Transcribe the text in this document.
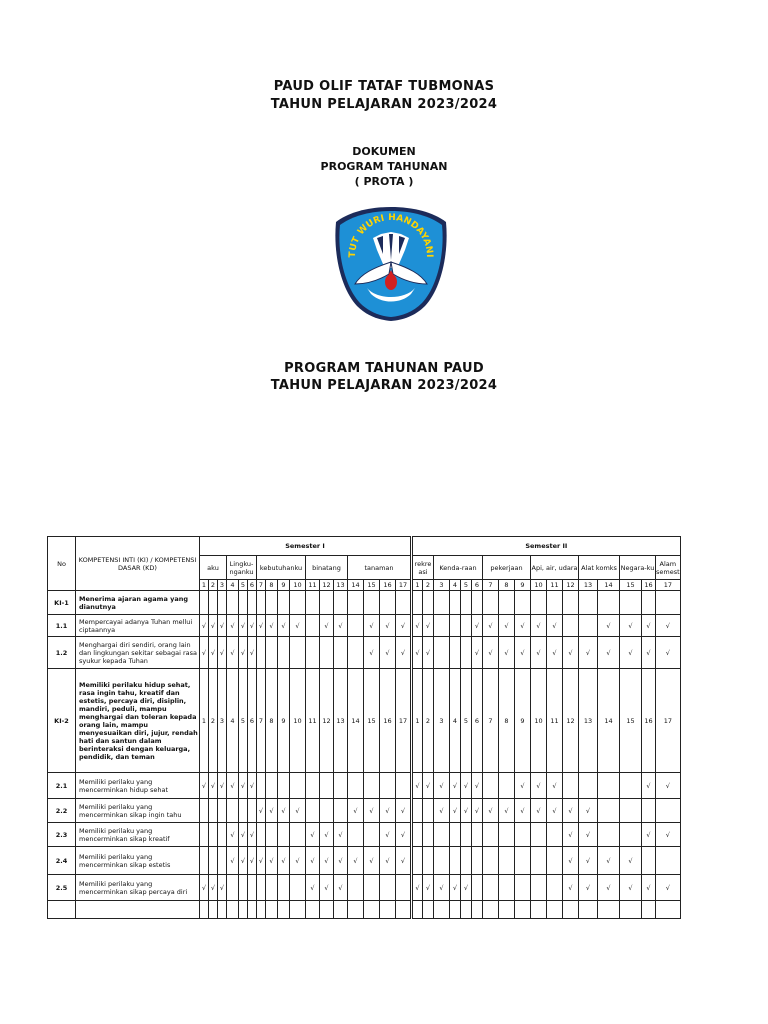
PAUD OLIF TATAF TUBMONAS
TAHUN PELAJARAN 2023/2024
DOKUMEN
PROGRAM TAHUNAN
( PROTA )
TUT WURI HANDAYANI
PROGRAM TAHUNAN PAUD
TAHUN PELAJARAN 2023/2024
No	KOMPETENSI INTI (KI) / KOMPETENSI DASAR (KD)	Semester I																	Semester II																
		aku			Lingku-nganku			kebutuhanku				binatang			tanaman				rekre asi		Kenda-raan				pekerjaan			Api, air, udara			Alat komks		Negara-ku		Alam semest
		1	2	3	4	5	6	7	8	9	10	11	12	13	14	15	16	17	1	2	3	4	5	6	7	8	9	10	11	12	13	14	15	16	17
KI-1	Menerima ajaran agama yang dianutnya																																		
1.1	Mempercayai adanya Tuhan mellui ciptaannya	√	√	√	√	√	√	√	√	√	√		√	√		√	√	√	√	√				√	√	√	√	√	√			√	√	√	√
1.2	Menghargai diri sendiri, orang lain dan lingkungan sekitar sebagai rasa syukur kepada Tuhan	√	√	√	√	√	√									√	√	√	√	√				√	√	√	√	√	√	√	√	√	√	√	√
KI-2	Memiliki perilaku hidup sehat, rasa ingin tahu, kreatif dan estetis, percaya diri, disiplin, mandiri, peduli, mampu menghargai dan toleran kepada orang lain, mampu menyesuaikan diri, jujur, rendah hati dan santun dalam berinteraksi dengan keluarga, pendidik, dan teman	1	2	3	4	5	6	7	8	9	10	11	12	13	14	15	16	17	1	2	3	4	5	6	7	8	9	10	11	12	13	14	15	16	17
2.1	Memiliki perilaku yang mencerminkan hidup sehat	√	√	√	√	√	√												√	√	√	√	√	√			√	√	√					√	√
2.2	Memiliki perilaku yang mencerminkan sikap ingin tahu							√	√	√	√				√	√	√	√			√	√	√	√	√	√	√	√	√	√	√				
2.3	Memiliki perilaku yang mencerminkan sikap kreatif				√	√	√					√	√	√			√	√												√	√			√	√
2.4	Memiliki perilaku yang mencerminkan sikap estetis				√	√	√	√	√	√	√	√	√	√	√	√	√	√												√	√	√	√		
2.5	Memiliki perilaku yang mencerminkan sikap percaya diri	√	√	√								√	√	√					√	√	√	√	√							√	√	√	√	√	√
